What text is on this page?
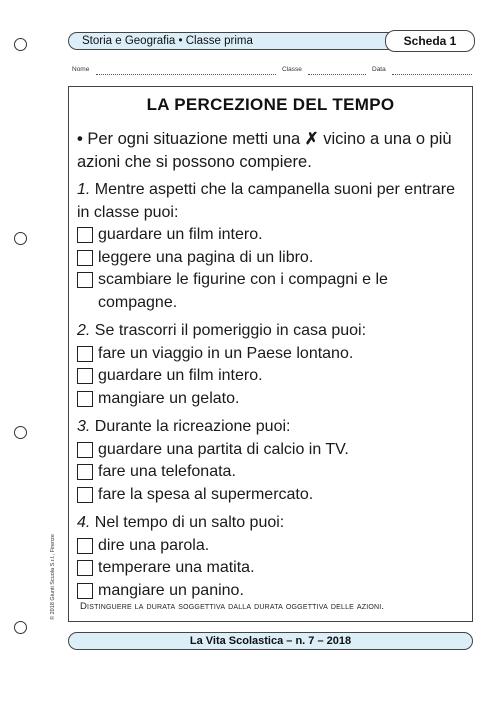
Storia e Geografia • Classe prima	Scheda 1
Nome	Classe	Data
LA PERCEZIONE DEL TEMPO
• Per ogni situazione metti una ✗ vicino a una o più azioni che si possono compiere.
1. Mentre aspetti che la campanella suoni per entrare in classe puoi:
guardare un film intero.
leggere una pagina di un libro.
scambiare le figurine con i compagni e le compagne.
2. Se trascorri il pomeriggio in casa puoi:
fare un viaggio in un Paese lontano.
guardare un film intero.
mangiare un gelato.
3. Durante la ricreazione puoi:
guardare una partita di calcio in TV.
fare una telefonata.
fare la spesa al supermercato.
4. Nel tempo di un salto puoi:
dire una parola.
temperare una matita.
mangiare un panino.
Distinguere la durata soggettiva dalla durata oggettiva delle azioni.
© 2018 Giunti Scuola S.r.l., Firenze
La Vita Scolastica – n. 7 – 2018
